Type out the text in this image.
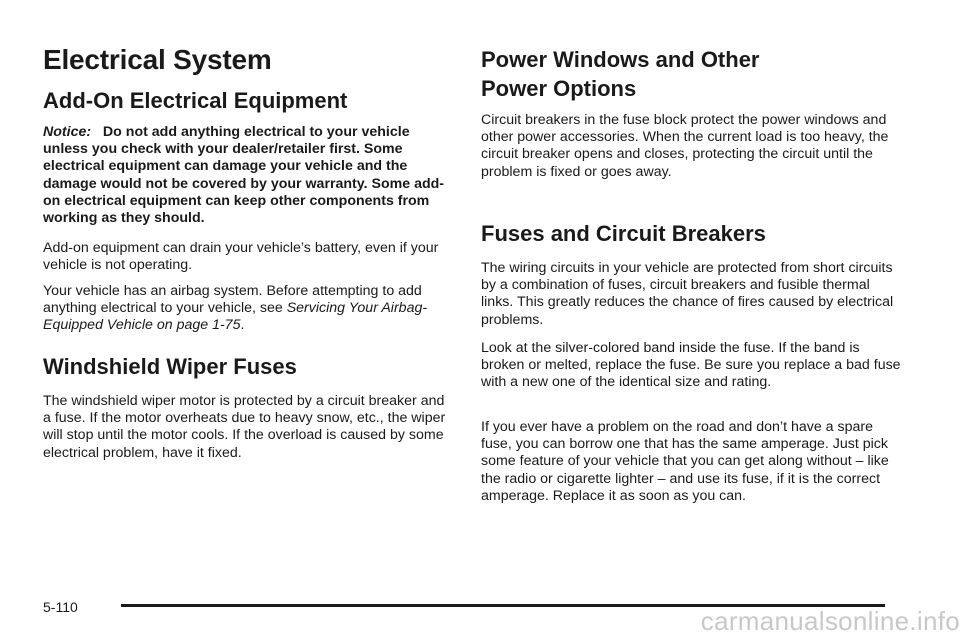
Electrical System
Add-On Electrical Equipment

Notice: Do not add anything electrical to your vehicle unless you check with your dealer/retailer first. Some electrical equipment can damage your vehicle and the damage would not be covered by your warranty. Some add-on electrical equipment can keep other components from working as they should.

Add-on equipment can drain your vehicle’s battery, even if your vehicle is not operating.

Your vehicle has an airbag system. Before attempting to add anything electrical to your vehicle, see Servicing Your Airbag-Equipped Vehicle on page 1-75.

Windshield Wiper Fuses

The windshield wiper motor is protected by a circuit breaker and a fuse. If the motor overheats due to heavy snow, etc., the wiper will stop until the motor cools. If the overload is caused by some electrical problem, have it fixed.

Power Windows and Other
Power Options

Circuit breakers in the fuse block protect the power windows and other power accessories. When the current load is too heavy, the circuit breaker opens and closes, protecting the circuit until the problem is fixed or goes away.

Fuses and Circuit Breakers

The wiring circuits in your vehicle are protected from short circuits by a combination of fuses, circuit breakers and fusible thermal links. This greatly reduces the chance of fires caused by electrical problems.

Look at the silver-colored band inside the fuse. If the band is broken or melted, replace the fuse. Be sure you replace a bad fuse with a new one of the identical size and rating.

If you ever have a problem on the road and don’t have a spare fuse, you can borrow one that has the same amperage. Just pick some feature of your vehicle that you can get along without – like the radio or cigarette lighter – and use its fuse, if it is the correct amperage. Replace it as soon as you can.

5-110	carmanualsonline.info
